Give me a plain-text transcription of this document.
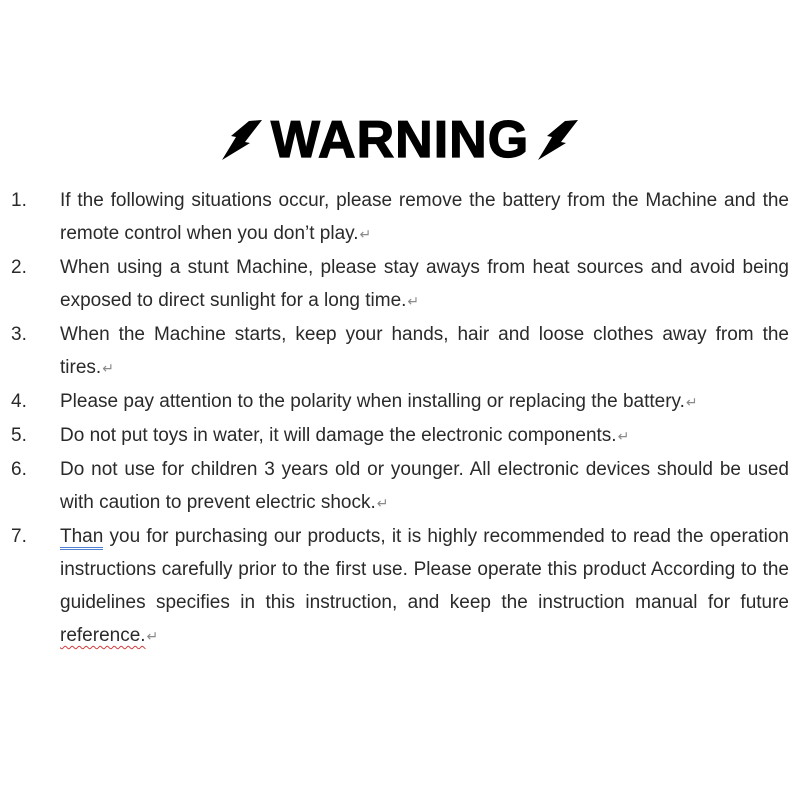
WARNING
1. If the following situations occur, please remove the battery from the Machine and the remote control when you don’t play.↵
2. When using a stunt Machine, please stay aways from heat sources and avoid being exposed to direct sunlight for a long time.↵
3. When the Machine starts, keep your hands, hair and loose clothes away from the tires.↵
4. Please pay attention to the polarity when installing or replacing the battery.↵
5. Do not put toys in water, it will damage the electronic components.↵
6. Do not use for children 3 years old or younger. All electronic devices should be used with caution to prevent electric shock.↵
7. Than you for purchasing our products, it is highly recommended to read the operation instructions carefully prior to the first use. Please operate this product According to the guidelines specifies in this instruction, and keep the instruction manual for future reference.↵
